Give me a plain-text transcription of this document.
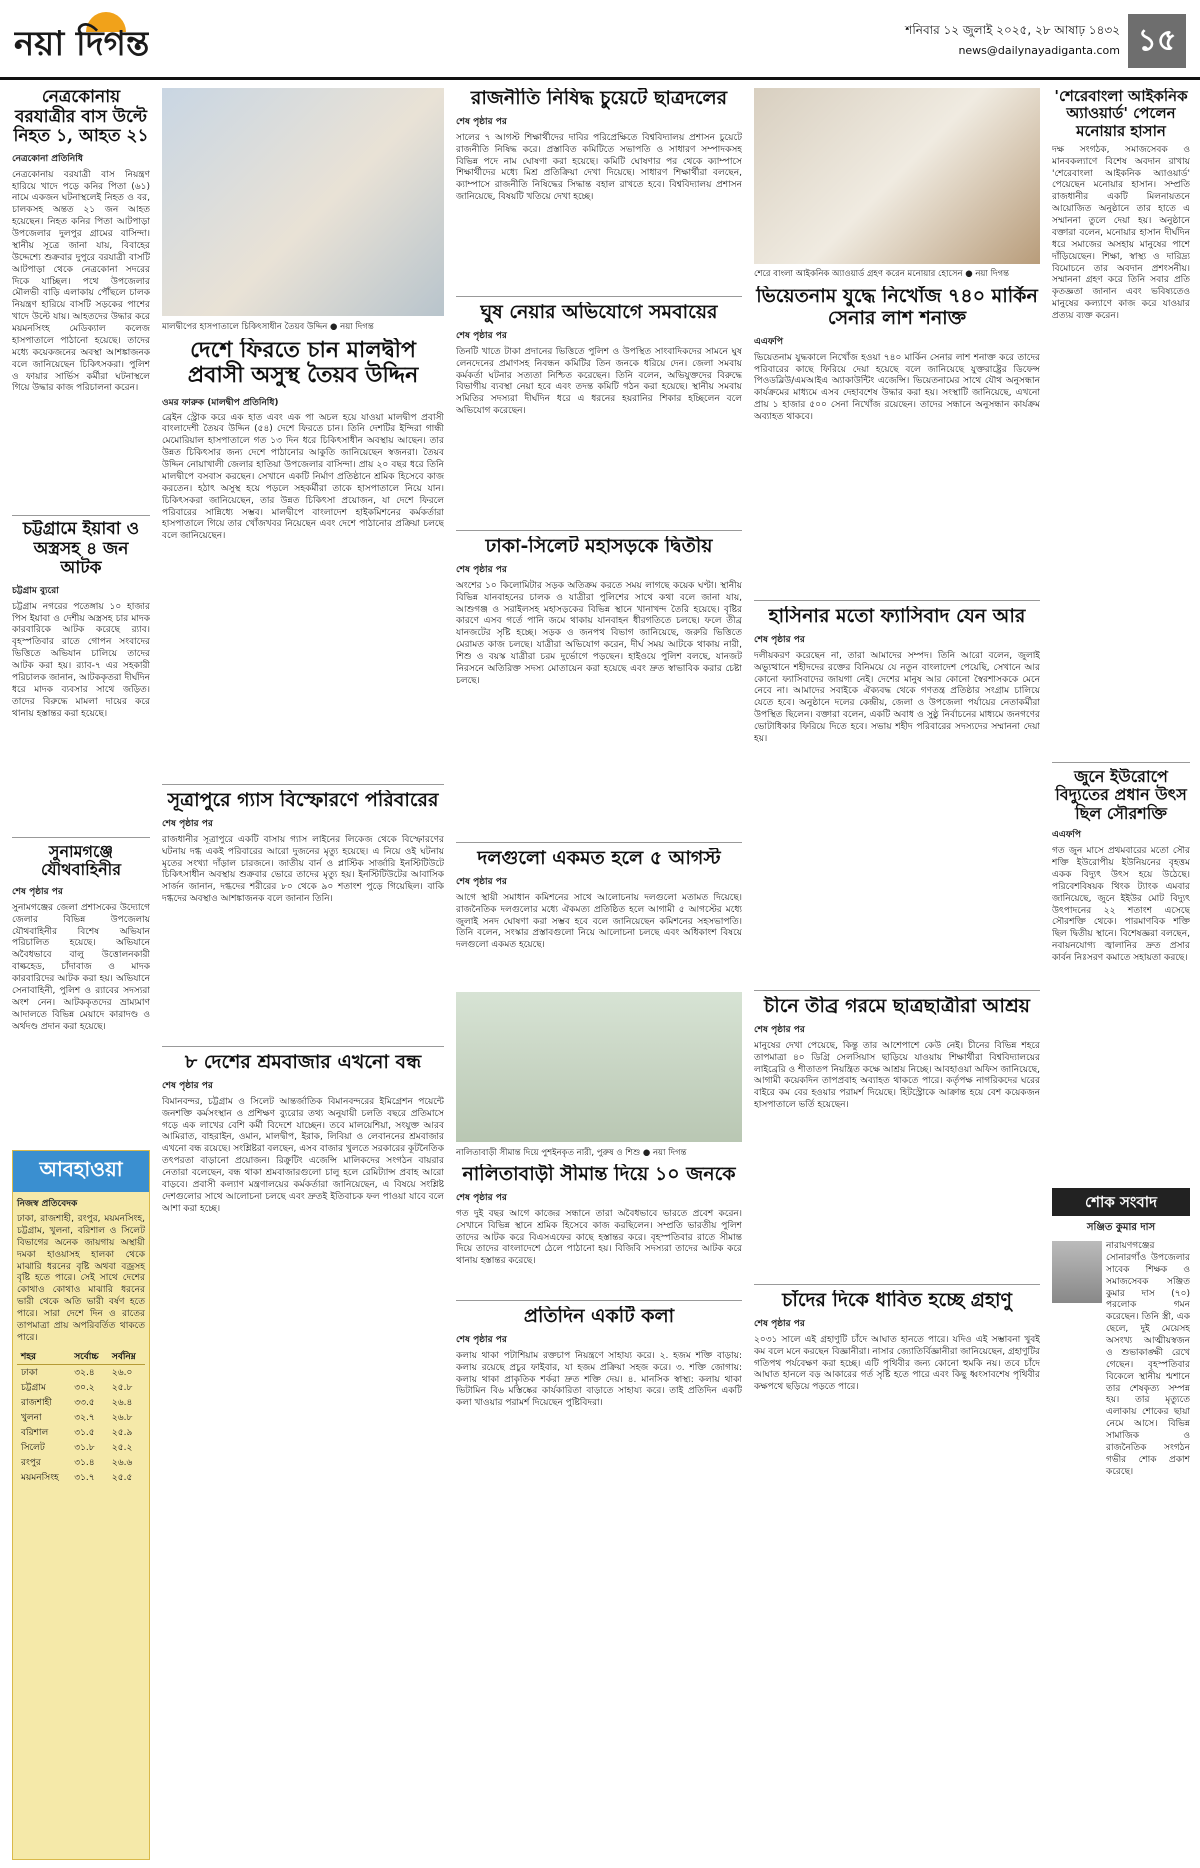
নয়া দিগন্ত	শনিবার ১২ জুলাই ২০২৫, ২৮ আষাঢ় ১৪৩২
news@dailynayadiganta.com ১৫
নেত্রকোনায় বরযাত্রীর বাস উল্টে নিহত ১, আহত ২১
নেত্রকোনা প্রতিনিধি
নেত্রকোনায় বরযাত্রী বাস নিয়ন্ত্রণ হারিয়ে খাদে পড়ে কনির পিতা (৬১) নামে একজন ঘটনাস্থলেই নিহত ও বর, চালকসহ অন্তত ২১ জন আহত হয়েছেন। নিহত কনির পিতা আটপাড়া উপজেলার দুলপুর গ্রামের বাসিন্দা। স্থানীয় সূত্রে জানা যায়, বিবাহের উদ্দেশ্যে শুক্রবার দুপুরে বরযাত্রী বাসটি আটপাড়া থেকে নেত্রকোনা সদরের দিকে যাচ্ছিল। পথে উপজেলার মৌলভী বাড়ি এলাকায় পৌঁছলে চালক নিয়ন্ত্রণ হারিয়ে বাসটি সড়কের পাশের খাদে উল্টে যায়। আহতদের উদ্ধার করে ময়মনসিংহ মেডিক্যাল কলেজ হাসপাতালে পাঠানো হয়েছে। তাদের মধ্যে কয়েকজনের অবস্থা আশঙ্কাজনক বলে জানিয়েছেন চিকিৎসকরা। পুলিশ ও ফায়ার সার্ভিস কর্মীরা ঘটনাস্থলে গিয়ে উদ্ধার কাজ পরিচালনা করেন।
চট্টগ্রামে ইয়াবা ও অস্ত্রসহ ৪ জন আটক
চট্টগ্রাম ব্যুরো
চট্টগ্রাম নগরের পতেঙ্গায় ১০ হাজার পিস ইয়াবা ও দেশীয় অস্ত্রসহ চার মাদক কারবারিকে আটক করেছে র‍্যাব। বৃহস্পতিবার রাতে গোপন সংবাদের ভিত্তিতে অভিযান চালিয়ে তাদের আটক করা হয়। র‍্যাব-৭ এর সহকারী পরিচালক জানান, আটককৃতরা দীর্ঘদিন ধরে মাদক ব্যবসার সাথে জড়িত। তাদের বিরুদ্ধে মামলা দায়ের করে থানায় হস্তান্তর করা হয়েছে।
সুনামগঞ্জে যৌথবাহিনীর
শেষ পৃষ্ঠার পর
সুনামগঞ্জের জেলা প্রশাসকের উদ্যোগে জেলার বিভিন্ন উপজেলায় যৌথবাহিনীর বিশেষ অভিযান পরিচালিত হয়েছে। অভিযানে অবৈধভাবে বালু উত্তোলনকারী বাল্কহেড, চাঁদাবাজ ও মাদক কারবারিদের আটক করা হয়। অভিযানে সেনাবাহিনী, পুলিশ ও র‍্যাবের সদস্যরা অংশ নেন। আটককৃতদের ভ্রাম্যমাণ আদালতে বিভিন্ন মেয়াদে কারাদণ্ড ও অর্থদণ্ড প্রদান করা হয়েছে।
আবহাওয়া
নিজস্ব প্রতিবেদক
ঢাকা, রাজশাহী, রংপুর, ময়মনসিংহ, চট্টগ্রাম, খুলনা, বরিশাল ও সিলেট বিভাগের অনেক জায়গায় অস্থায়ী দমকা হাওয়াসহ হালকা থেকে মাঝারি ধরনের বৃষ্টি অথবা বজ্রসহ বৃষ্টি হতে পারে। সেই সাথে দেশের কোথাও কোথাও মাঝারি ধরনের ভারী থেকে অতি ভারী বর্ষণ হতে পারে। সারা দেশে দিন ও রাতের তাপমাত্রা প্রায় অপরিবর্তিত থাকতে পারে।
শহর	সর্বোচ্চ	সর্বনিম্ন
ঢাকা	৩২.৪	২৬.০
চট্টগ্রাম	৩০.২	২৫.৮
রাজশাহী	৩৩.৫	২৬.৪
খুলনা	৩২.৭	২৬.৮
বরিশাল	৩১.৫	২৫.৯
সিলেট	৩১.৮	২৫.২
রংপুর	৩১.৪	২৬.৬
ময়মনসিংহ	৩১.৭	২৫.৫
মালদ্বীপের হাসপাতালে চিকিৎসাধীন তৈয়ব উদ্দিন ● নয়া দিগন্ত
দেশে ফিরতে চান মালদ্বীপ প্রবাসী অসুস্থ তৈয়ব উদ্দিন
ওমর ফারুক (মালদ্বীপ প্রতিনিধি)
ব্রেইন স্ট্রোক করে এক হাত এবং এক পা অচল হয়ে যাওয়া মালদ্বীপ প্রবাসী বাংলাদেশী তৈয়ব উদ্দিন (৫৪) দেশে ফিরতে চান। তিনি দেশটির ইন্দিরা গান্ধী মেমোরিয়াল হাসপাতালে গত ১৩ দিন ধরে চিকিৎসাধীন অবস্থায় আছেন। তার উন্নত চিকিৎসার জন্য দেশে পাঠানোর আকুতি জানিয়েছেন স্বজনরা। তৈয়ব উদ্দিন নোয়াখালী জেলার হাতিয়া উপজেলার বাসিন্দা। প্রায় ২০ বছর ধরে তিনি মালদ্বীপে বসবাস করছেন। সেখানে একটি নির্মাণ প্রতিষ্ঠানে শ্রমিক হিসেবে কাজ করতেন। হঠাৎ অসুস্থ হয়ে পড়লে সহকর্মীরা তাকে হাসপাতালে নিয়ে যান। চিকিৎসকরা জানিয়েছেন, তার উন্নত চিকিৎসা প্রয়োজন, যা দেশে ফিরলে পরিবারের সান্নিধ্যে সম্ভব। মালদ্বীপে বাংলাদেশ হাইকমিশনের কর্মকর্তারা হাসপাতালে গিয়ে তার খোঁজখবর নিয়েছেন এবং দেশে পাঠানোর প্রক্রিয়া চলছে বলে জানিয়েছেন।
সূত্রাপুরে গ্যাস বিস্ফোরণে পরিবারের
শেষ পৃষ্ঠার পর
রাজধানীর সূত্রাপুরে একটি বাসায় গ্যাস লাইনের লিকেজ থেকে বিস্ফোরণের ঘটনায় দগ্ধ একই পরিবারের আরো দুজনের মৃত্যু হয়েছে। এ নিয়ে ওই ঘটনায় মৃতের সংখ্যা দাঁড়াল চারজনে। জাতীয় বার্ন ও প্লাস্টিক সার্জারি ইনস্টিটিউটে চিকিৎসাধীন অবস্থায় শুক্রবার ভোরে তাদের মৃত্যু হয়। ইনস্টিটিউটের আবাসিক সার্জন জানান, দগ্ধদের শরীরের ৮০ থেকে ৯০ শতাংশ পুড়ে গিয়েছিল। বাকি দগ্ধদের অবস্থাও আশঙ্কাজনক বলে জানান তিনি।
৮ দেশের শ্রমবাজার এখনো বন্ধ
শেষ পৃষ্ঠার পর
বিমানবন্দর, চট্টগ্রাম ও সিলেট আন্তর্জাতিক বিমানবন্দরের ইমিগ্রেশন পয়েন্টে জনশক্তি কর্মসংস্থান ও প্রশিক্ষণ ব্যুরোর তথ্য অনুযায়ী চলতি বছরে প্রতিমাসে গড়ে এক লাখের বেশি কর্মী বিদেশে যাচ্ছেন। তবে মালয়েশিয়া, সংযুক্ত আরব আমিরাত, বাহরাইন, ওমান, মালদ্বীপ, ইরাক, লিবিয়া ও লেবাননের শ্রমবাজার এখনো বন্ধ রয়েছে। সংশ্লিষ্টরা বলছেন, এসব বাজার খুলতে সরকারের কূটনৈতিক তৎপরতা বাড়ানো প্রয়োজন। রিক্রুটিং এজেন্সি মালিকদের সংগঠন বায়রার নেতারা বলেছেন, বন্ধ থাকা শ্রমবাজারগুলো চালু হলে রেমিট্যান্স প্রবাহ আরো বাড়বে। প্রবাসী কল্যাণ মন্ত্রণালয়ের কর্মকর্তারা জানিয়েছেন, এ বিষয়ে সংশ্লিষ্ট দেশগুলোর সাথে আলোচনা চলছে এবং দ্রুতই ইতিবাচক ফল পাওয়া যাবে বলে আশা করা হচ্ছে।
রাজনীতি নিষিদ্ধ চুয়েটে ছাত্রদলের
শেষ পৃষ্ঠার পর
সালের ৭ আগস্ট শিক্ষার্থীদের দাবির পরিপ্রেক্ষিতে বিশ্ববিদ্যালয় প্রশাসন চুয়েটে রাজনীতি নিষিদ্ধ করে। প্রস্তাবিত কমিটিতে সভাপতি ও সাধারণ সম্পাদকসহ বিভিন্ন পদে নাম ঘোষণা করা হয়েছে। কমিটি ঘোষণার পর থেকে ক্যাম্পাসে শিক্ষার্থীদের মধ্যে মিশ্র প্রতিক্রিয়া দেখা দিয়েছে। সাধারণ শিক্ষার্থীরা বলছেন, ক্যাম্পাসে রাজনীতি নিষিদ্ধের সিদ্ধান্ত বহাল রাখতে হবে। বিশ্ববিদ্যালয় প্রশাসন জানিয়েছে, বিষয়টি খতিয়ে দেখা হচ্ছে।
ঘুষ নেয়ার অভিযোগে সমবায়ের
শেষ পৃষ্ঠার পর
তিনটি খাতে টাকা প্রদানের ভিত্তিতে পুলিশ ও উপস্থিত সাংবাদিকদের সামনে ঘুষ লেনদেনের প্রমাণসহ নিবন্ধন কমিটির তিন জনকে ধরিয়ে দেন। জেলা সমবায় কর্মকর্তা ঘটনার সত্যতা নিশ্চিত করেছেন। তিনি বলেন, অভিযুক্তদের বিরুদ্ধে বিভাগীয় ব্যবস্থা নেয়া হবে এবং তদন্ত কমিটি গঠন করা হয়েছে। স্থানীয় সমবায় সমিতির সদস্যরা দীর্ঘদিন ধরে এ ধরনের হয়রানির শিকার হচ্ছিলেন বলে অভিযোগ করেছেন।
ঢাকা-সিলেট মহাসড়কে দ্বিতীয়
শেষ পৃষ্ঠার পর
অংশের ১০ কিলোমিটার সড়ক অতিক্রম করতে সময় লাগছে কয়েক ঘণ্টা। স্থানীয় বিভিন্ন যানবাহনের চালক ও যাত্রীরা পুলিশের সাথে কথা বলে জানা যায়, আশুগঞ্জ ও সরাইলসহ মহাসড়কের বিভিন্ন স্থানে খানাখন্দ তৈরি হয়েছে। বৃষ্টির কারণে এসব গর্তে পানি জমে থাকায় যানবাহন ধীরগতিতে চলছে। ফলে তীব্র যানজটের সৃষ্টি হচ্ছে। সড়ক ও জনপথ বিভাগ জানিয়েছে, জরুরি ভিত্তিতে মেরামত কাজ চলছে। যাত্রীরা অভিযোগ করেন, দীর্ঘ সময় আটকে থাকায় নারী, শিশু ও বয়স্ক যাত্রীরা চরম দুর্ভোগে পড়ছেন। হাইওয়ে পুলিশ বলছে, যানজট নিরসনে অতিরিক্ত সদস্য মোতায়েন করা হয়েছে এবং দ্রুত স্বাভাবিক করার চেষ্টা চলছে।
দলগুলো একমত হলে ৫ আগস্ট
শেষ পৃষ্ঠার পর
আগে স্থায়ী সমাধান কমিশনের সাথে আলোচনায় দলগুলো মতামত দিয়েছে। রাজনৈতিক দলগুলোর মধ্যে ঐকমত্য প্রতিষ্ঠিত হলে আগামী ৫ আগস্টের মধ্যে জুলাই সনদ ঘোষণা করা সম্ভব হবে বলে জানিয়েছেন কমিশনের সহসভাপতি। তিনি বলেন, সংস্কার প্রস্তাবগুলো নিয়ে আলোচনা চলছে এবং অধিকাংশ বিষয়ে দলগুলো একমত হয়েছে।
নালিতাবাড়ী সীমান্ত দিয়ে পুশইনকৃত নারী, পুরুষ ও শিশু ● নয়া দিগন্ত
নালিতাবাড়ী সীমান্ত দিয়ে ১০ জনকে
শেষ পৃষ্ঠার পর
গত দুই বছর আগে কাজের সন্ধানে তারা অবৈধভাবে ভারতে প্রবেশ করেন। সেখানে বিভিন্ন স্থানে শ্রমিক হিসেবে কাজ করছিলেন। সম্প্রতি ভারতীয় পুলিশ তাদের আটক করে বিএসএফের কাছে হস্তান্তর করে। বৃহস্পতিবার রাতে সীমান্ত দিয়ে তাদের বাংলাদেশে ঠেলে পাঠানো হয়। বিজিবি সদস্যরা তাদের আটক করে থানায় হস্তান্তর করেছে।
প্রতিদিন একটি কলা
শেষ পৃষ্ঠার পর
কলায় থাকা পটাশিয়াম রক্তচাপ নিয়ন্ত্রণে সাহায্য করে। ২. হজম শক্তি বাড়ায়: কলায় রয়েছে প্রচুর ফাইবার, যা হজম প্রক্রিয়া সহজ করে। ৩. শক্তি জোগায়: কলায় থাকা প্রাকৃতিক শর্করা দ্রুত শক্তি দেয়। ৪. মানসিক স্বাস্থ্য: কলায় থাকা ভিটামিন বি৬ মস্তিষ্কের কার্যকারিতা বাড়াতে সাহায্য করে। তাই প্রতিদিন একটি কলা খাওয়ার পরামর্শ দিয়েছেন পুষ্টিবিদরা।
শেরে বাংলা আইকনিক অ্যাওয়ার্ড গ্রহণ করেন মনোয়ার হোসেন ● নয়া দিগন্ত
ভিয়েতনাম যুদ্ধে নিখোঁজ ৭৪০ মার্কিন সেনার লাশ শনাক্ত
এএফপি
ভিয়েতনাম যুদ্ধকালে নিখোঁজ হওয়া ৭৪০ মার্কিন সেনার লাশ শনাক্ত করে তাদের পরিবারের কাছে ফিরিয়ে দেয়া হয়েছে বলে জানিয়েছে যুক্তরাষ্ট্রের ডিফেন্স পিওডব্লিউ/এমআইএ অ্যাকাউন্টিং এজেন্সি। ভিয়েতনামের সাথে যৌথ অনুসন্ধান কার্যক্রমের মাধ্যমে এসব দেহাবশেষ উদ্ধার করা হয়। সংস্থাটি জানিয়েছে, এখনো প্রায় ১ হাজার ৫০০ সেনা নিখোঁজ রয়েছেন। তাদের সন্ধানে অনুসন্ধান কার্যক্রম অব্যাহত থাকবে।
হাসিনার মতো ফ্যাসিবাদ যেন আর
শেষ পৃষ্ঠার পর
দলীয়করণ করেছেন না, তারা আমাদের সম্পদ। তিনি আরো বলেন, জুলাই অভ্যুত্থানে শহীদদের রক্তের বিনিময়ে যে নতুন বাংলাদেশ পেয়েছি, সেখানে আর কোনো ফ্যাসিবাদের জায়গা নেই। দেশের মানুষ আর কোনো স্বৈরশাসককে মেনে নেবে না। আমাদের সবাইকে ঐক্যবদ্ধ থেকে গণতন্ত্র প্রতিষ্ঠার সংগ্রাম চালিয়ে যেতে হবে। অনুষ্ঠানে দলের কেন্দ্রীয়, জেলা ও উপজেলা পর্যায়ের নেতাকর্মীরা উপস্থিত ছিলেন। বক্তারা বলেন, একটি অবাধ ও সুষ্ঠু নির্বাচনের মাধ্যমে জনগণের ভোটাধিকার ফিরিয়ে দিতে হবে। সভায় শহীদ পরিবারের সদস্যদের সম্মাননা দেয়া হয়।
চীনে তীব্র গরমে ছাত্রছাত্রীরা আশ্রয়
শেষ পৃষ্ঠার পর
মানুষের দেখা পেয়েছে, কিন্তু তার আশেপাশে কেউ নেই। চীনের বিভিন্ন শহরে তাপমাত্রা ৪০ ডিগ্রি সেলসিয়াস ছাড়িয়ে যাওয়ায় শিক্ষার্থীরা বিশ্ববিদ্যালয়ের লাইব্রেরি ও শীতাতপ নিয়ন্ত্রিত কক্ষে আশ্রয় নিচ্ছে। আবহাওয়া অফিস জানিয়েছে, আগামী কয়েকদিন তাপপ্রবাহ অব্যাহত থাকতে পারে। কর্তৃপক্ষ নাগরিকদের ঘরের বাইরে কম বের হওয়ার পরামর্শ দিয়েছে। হিটস্ট্রোকে আক্রান্ত হয়ে বেশ কয়েকজন হাসপাতালে ভর্তি হয়েছেন।
চাঁদের দিকে ধাবিত হচ্ছে গ্রহাণু
শেষ পৃষ্ঠার পর
২০৩১ সালে এই গ্রহাণুটি চাঁদে আঘাত হানতে পারে। যদিও এই সম্ভাবনা খুবই কম বলে মনে করছেন বিজ্ঞানীরা। নাসার জ্যোতির্বিজ্ঞানীরা জানিয়েছেন, গ্রহাণুটির গতিপথ পর্যবেক্ষণ করা হচ্ছে। এটি পৃথিবীর জন্য কোনো হুমকি নয়। তবে চাঁদে আঘাত হানলে বড় আকারের গর্ত সৃষ্টি হতে পারে এবং কিছু ধ্বংসাবশেষ পৃথিবীর কক্ষপথে ছড়িয়ে পড়তে পারে।
'শেরেবাংলা আইকনিক অ্যাওয়ার্ড' পেলেন মনোয়ার হাসান
দক্ষ সংগঠক, সমাজসেবক ও মানবকল্যাণে বিশেষ অবদান রাখায় 'শেরেবাংলা আইকনিক অ্যাওয়ার্ড' পেয়েছেন মনোয়ার হাসান। সম্প্রতি রাজধানীর একটি মিলনায়তনে আয়োজিত অনুষ্ঠানে তার হাতে এ সম্মাননা তুলে দেয়া হয়। অনুষ্ঠানে বক্তারা বলেন, মনোয়ার হাসান দীর্ঘদিন ধরে সমাজের অসহায় মানুষের পাশে দাঁড়িয়েছেন। শিক্ষা, স্বাস্থ্য ও দারিদ্র্য বিমোচনে তার অবদান প্রশংসনীয়। সম্মাননা গ্রহণ করে তিনি সবার প্রতি কৃতজ্ঞতা জানান এবং ভবিষ্যতেও মানুষের কল্যাণে কাজ করে যাওয়ার প্রত্যয় ব্যক্ত করেন।
জুনে ইউরোপে বিদ্যুতের প্রধান উৎস ছিল সৌরশক্তি
এএফপি
গত জুন মাসে প্রথমবারের মতো সৌর শক্তি ইউরোপীয় ইউনিয়নের বৃহত্তম একক বিদ্যুৎ উৎস হয়ে উঠেছে। পরিবেশবিষয়ক থিংক ট্যাংক এমবার জানিয়েছে, জুনে ইইউর মোট বিদ্যুৎ উৎপাদনের ২২ শতাংশ এসেছে সৌরশক্তি থেকে। পারমাণবিক শক্তি ছিল দ্বিতীয় স্থানে। বিশেষজ্ঞরা বলছেন, নবায়নযোগ্য জ্বালানির দ্রুত প্রসার কার্বন নিঃসরণ কমাতে সহায়তা করছে।
শোক সংবাদ
সঞ্জিত কুমার দাস
নারায়ণগঞ্জের সোনারগাঁও উপজেলার সাবেক শিক্ষক ও সমাজসেবক সঞ্জিত কুমার দাস (৭০) পরলোক গমন করেছেন। তিনি স্ত্রী, এক ছেলে, দুই মেয়েসহ অসংখ্য আত্মীয়স্বজন ও শুভাকাঙ্ক্ষী রেখে গেছেন। বৃহস্পতিবার বিকেলে স্থানীয় শ্মশানে তার শেষকৃত্য সম্পন্ন হয়। তার মৃত্যুতে এলাকায় শোকের ছায়া নেমে আসে। বিভিন্ন সামাজিক ও রাজনৈতিক সংগঠন গভীর শোক প্রকাশ করেছে।
